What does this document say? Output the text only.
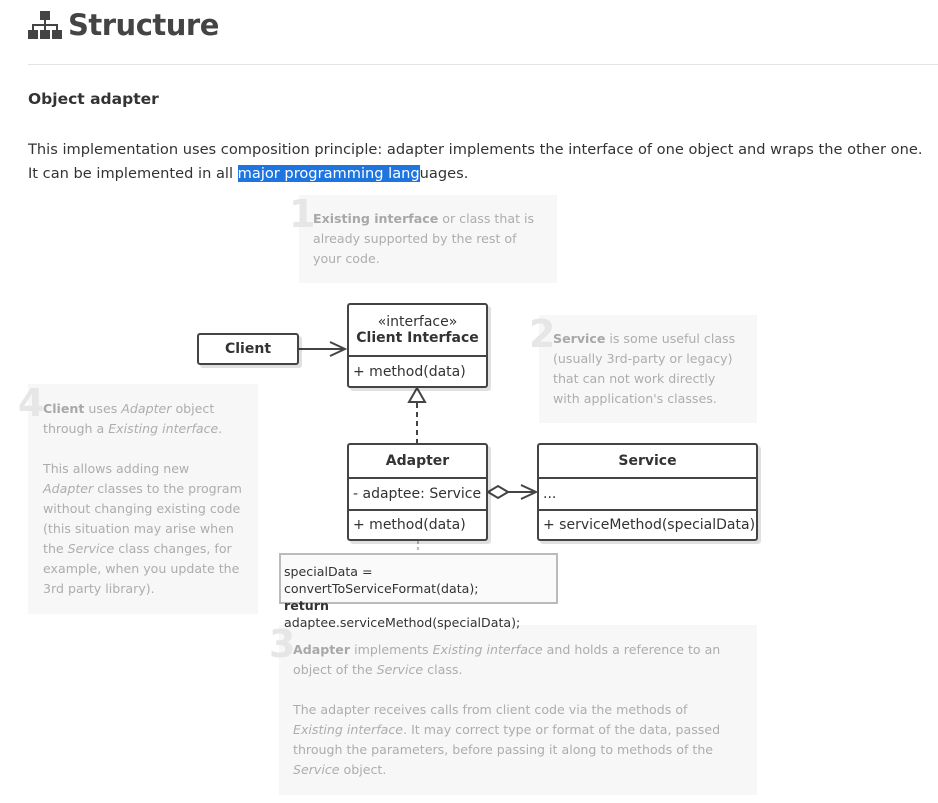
Structure
Object adapter

This implementation uses composition principle: adapter implements the interface of one object and wraps the other one. It can be implemented in all major programming languages.

1

Existing interface or class that is already supported by the rest of your code.

2

Service is some useful class (usually 3rd-party or legacy) that can not work directly with application's classes.

4

Client uses Adapter object through a Existing interface.

This allows adding new Adapter classes to the program without changing existing code (this situation may arise when the Service class changes, for example, when you update the 3rd party library).

3

Adapter implements Existing interface and holds a reference to an object of the Service class.

The adapter receives calls from client code via the methods of Existing interface. It may correct type or format of the data, passed through the parameters, before passing it along to methods of the Service object.

Client
«interface»
Client Interface
+ method(data)
Adapter
- adaptee: Service
+ method(data)
Service
...
+ serviceMethod(specialData)
specialData = convertToServiceFormat(data);
return adaptee.serviceMethod(specialData);
